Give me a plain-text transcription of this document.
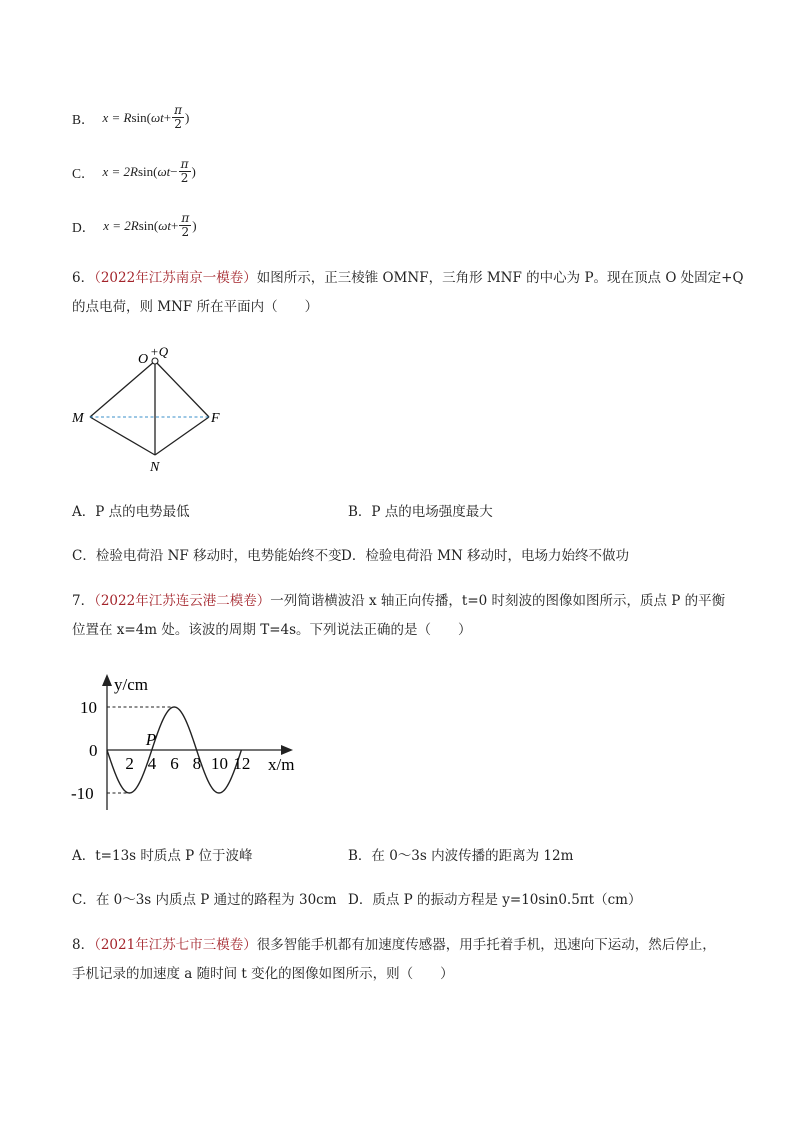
B． x = R sin( $\omega t + \frac{\pi}{2}$ )
C． x = 2R sin( $\omega t - \frac{\pi}{2}$ )
D． x = 2R sin( $\omega t + \frac{\pi}{2}$ )
6．（2022年江苏南京一模卷）如图所示，正三棱锥 OMNF，三角形 MNF 的中心为 P。现在顶点 O 处固定+Q
的点电荷，则 MNF 所在平面内（　　）
O
+Q
M	F
N
A．P 点的电势最低	B．P 点的电场强度最大
C．检验电荷沿 NF 移动时，电势能始终不变 D．检验电荷沿 MN 移动时，电场力始终不做功
7．（2022年江苏连云港二模卷）一列简谐横波沿 x 轴正向传播，t=0 时刻波的图像如图所示，质点 P 的平衡
位置在 x=4m 处。该波的周期 T=4s。下列说法正确的是（　　）
y/cm
x/m
2 4 6 8 10 12
10
0
-10
P
A．t=13s 时质点 P 位于波峰	B．在 0～3s 内波传播的距离为 12m
C．在 0～3s 内质点 P 通过的路程为 30cm D．质点 P 的振动方程是 y=10sin0.5πt（cm）
8．（2021年江苏七市三模卷）很多智能手机都有加速度传感器，用手托着手机，迅速向下运动，然后停止，
手机记录的加速度 a 随时间 t 变化的图像如图所示，则（　　）
